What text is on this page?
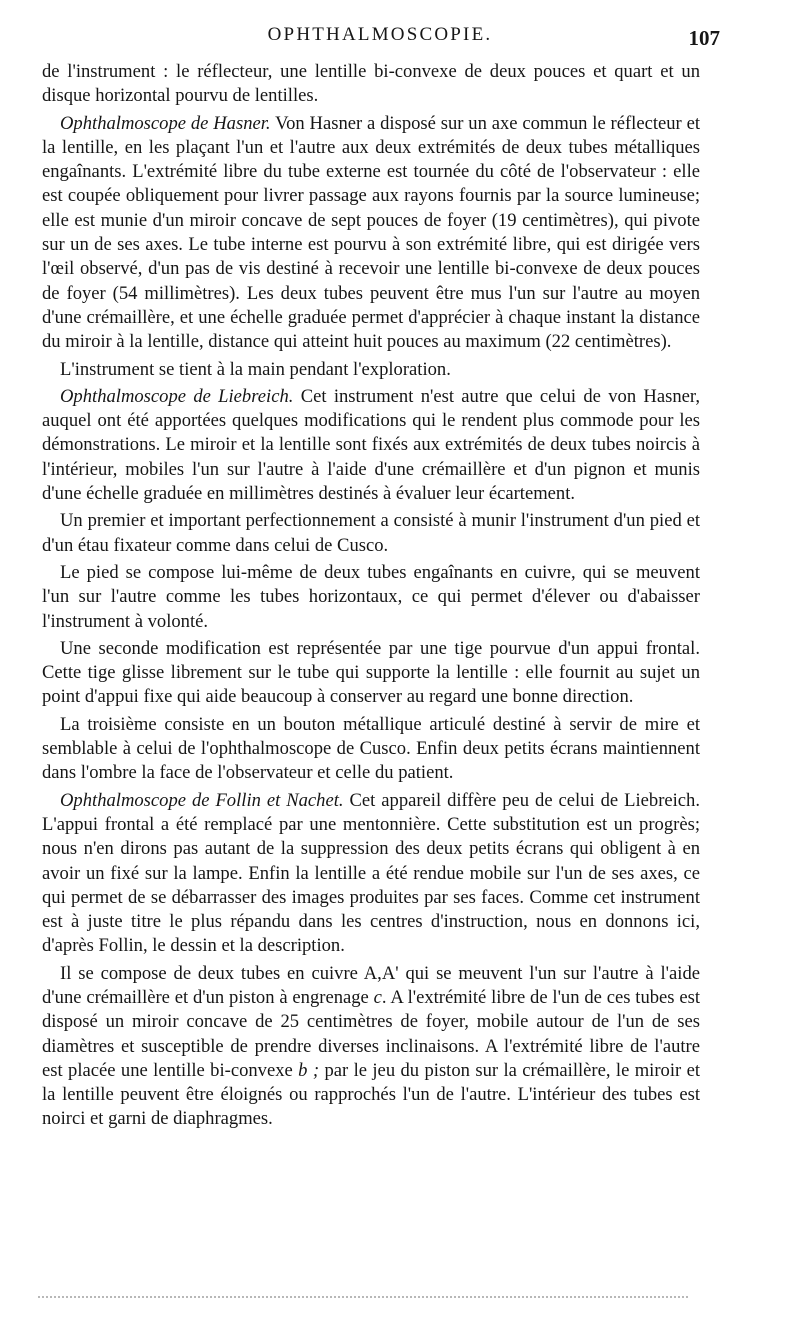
OPHTHALMOSCOPIE.	107

de l'instrument : le réflecteur, une lentille bi-convexe de deux pouces et quart et un disque horizontal pourvu de lentilles.

Ophthalmoscope de Hasner. Von Hasner a disposé sur un axe commun le réflecteur et la lentille, en les plaçant l'un et l'autre aux deux extrémités de deux tubes métalliques engaînants. L'extrémité libre du tube externe est tournée du côté de l'observateur : elle est coupée obliquement pour livrer passage aux rayons fournis par la source lumineuse; elle est munie d'un miroir concave de sept pouces de foyer (19 centimètres), qui pivote sur un de ses axes. Le tube interne est pourvu à son extrémité libre, qui est dirigée vers l'œil observé, d'un pas de vis destiné à recevoir une lentille bi-convexe de deux pouces de foyer (54 millimètres). Les deux tubes peuvent être mus l'un sur l'autre au moyen d'une crémaillère, et une échelle graduée permet d'apprécier à chaque instant la distance du miroir à la lentille, distance qui atteint huit pouces au maximum (22 centimètres).

L'instrument se tient à la main pendant l'exploration.

Ophthalmoscope de Liebreich. Cet instrument n'est autre que celui de von Hasner, auquel ont été apportées quelques modifications qui le rendent plus commode pour les démonstrations. Le miroir et la lentille sont fixés aux extrémités de deux tubes noircis à l'intérieur, mobiles l'un sur l'autre à l'aide d'une crémaillère et d'un pignon et munis d'une échelle graduée en millimètres destinés à évaluer leur écartement.

Un premier et important perfectionnement a consisté à munir l'instrument d'un pied et d'un étau fixateur comme dans celui de Cusco.

Le pied se compose lui-même de deux tubes engaînants en cuivre, qui se meuvent l'un sur l'autre comme les tubes horizontaux, ce qui permet d'élever ou d'abaisser l'instrument à volonté.

Une seconde modification est représentée par une tige pourvue d'un appui frontal. Cette tige glisse librement sur le tube qui supporte la lentille : elle fournit au sujet un point d'appui fixe qui aide beaucoup à conserver au regard une bonne direction.

La troisième consiste en un bouton métallique articulé destiné à servir de mire et semblable à celui de l'ophthalmoscope de Cusco. Enfin deux petits écrans maintiennent dans l'ombre la face de l'observateur et celle du patient.

Ophthalmoscope de Follin et Nachet. Cet appareil diffère peu de celui de Liebreich. L'appui frontal a été remplacé par une mentonnière. Cette substitution est un progrès; nous n'en dirons pas autant de la suppression des deux petits écrans qui obligent à en avoir un fixé sur la lampe. Enfin la lentille a été rendue mobile sur l'un de ses axes, ce qui permet de se débarrasser des images produites par ses faces. Comme cet instrument est à juste titre le plus répandu dans les centres d'instruction, nous en donnons ici, d'après Follin, le dessin et la description.

Il se compose de deux tubes en cuivre A,A' qui se meuvent l'un sur l'autre à l'aide d'une crémaillère et d'un piston à engrenage c. A l'extrémité libre de l'un de ces tubes est disposé un miroir concave de 25 centimètres de foyer, mobile autour de l'un de ses diamètres et susceptible de prendre diverses inclinaisons. A l'extrémité libre de l'autre est placée une lentille bi-convexe b ; par le jeu du piston sur la crémaillère, le miroir et la lentille peuvent être éloignés ou rapprochés l'un de l'autre. L'intérieur des tubes est noirci et garni de diaphragmes.
